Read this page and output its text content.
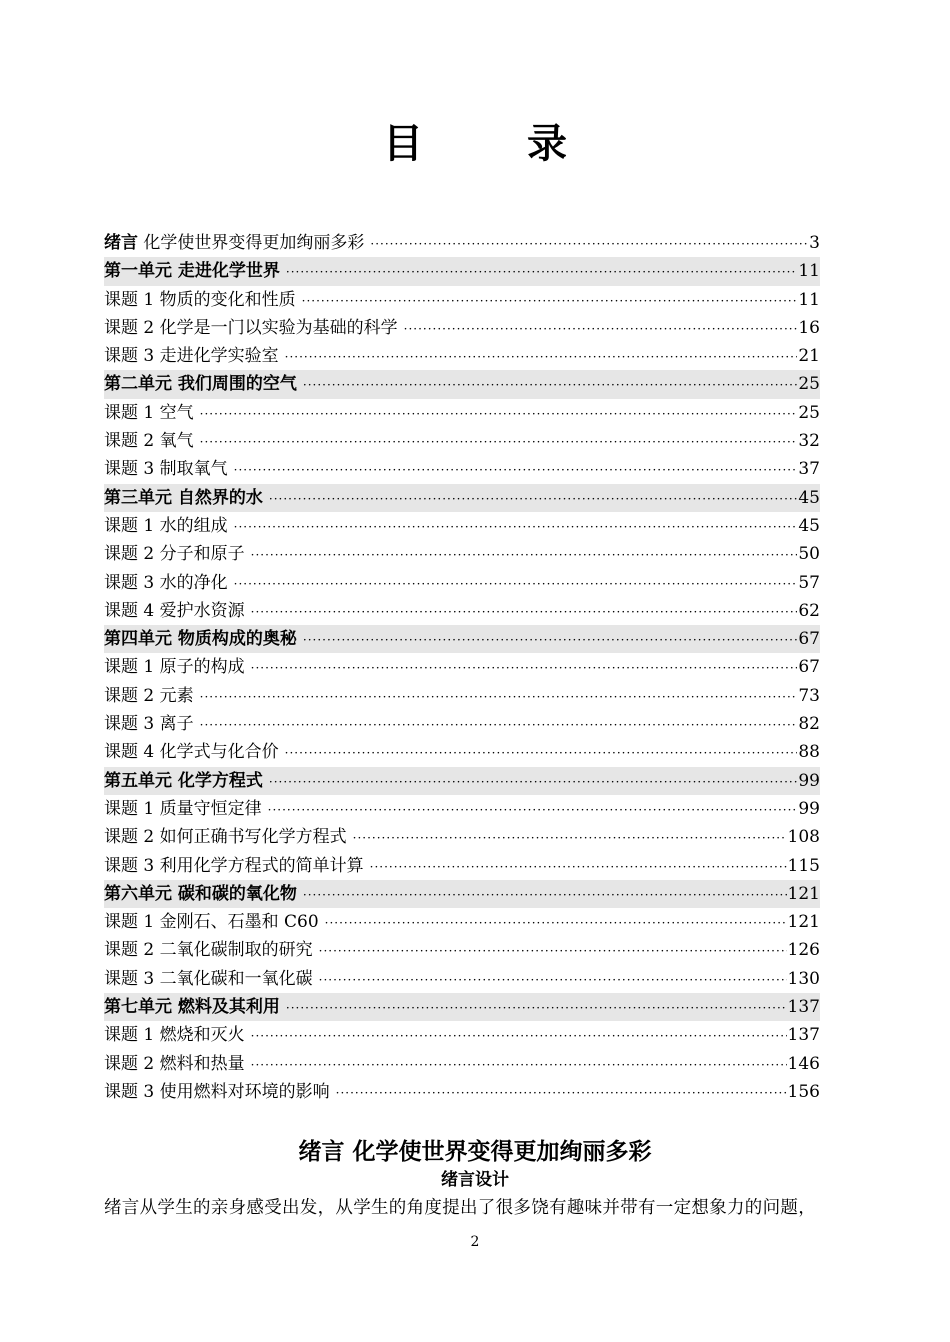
目　录
绪言 化学使世界变得更加绚丽多彩 ·····	3
第一单元 走进化学世界 ·····	11
课题 1 物质的变化和性质 ·····	11
课题 2 化学是一门以实验为基础的科学 ·····	16
课题 3 走进化学实验室 ·····	21
第二单元 我们周围的空气 ·····	25
课题 1 空气 ·····	25
课题 2 氧气 ·····	32
课题 3 制取氧气 ·····	37
第三单元 自然界的水 ·····	45
课题 1 水的组成 ·····	45
课题 2 分子和原子 ·····	50
课题 3 水的净化 ·····	57
课题 4 爱护水资源 ·····	62
第四单元 物质构成的奥秘 ·····	67
课题 1 原子的构成 ·····	67
课题 2 元素 ·····	73
课题 3 离子 ·····	82
课题 4 化学式与化合价 ·····	88
第五单元 化学方程式 ·····	99
课题 1 质量守恒定律 ·····	99
课题 2 如何正确书写化学方程式 ·····	108
课题 3 利用化学方程式的简单计算 ·····	115
第六单元 碳和碳的氧化物 ·····	121
课题 1 金刚石、石墨和 C60 ·····	121
课题 2 二氧化碳制取的研究 ·····	126
课题 3 二氧化碳和一氧化碳 ·····	130
第七单元 燃料及其利用 ·····	137
课题 1 燃烧和灭火 ·····	137
课题 2 燃料和热量 ·····	146
课题 3 使用燃料对环境的影响 ·····	156
绪言 化学使世界变得更加绚丽多彩
绪言设计
绪言从学生的亲身感受出发，从学生的角度提出了很多饶有趣味并带有一定想象力的问题，
2
